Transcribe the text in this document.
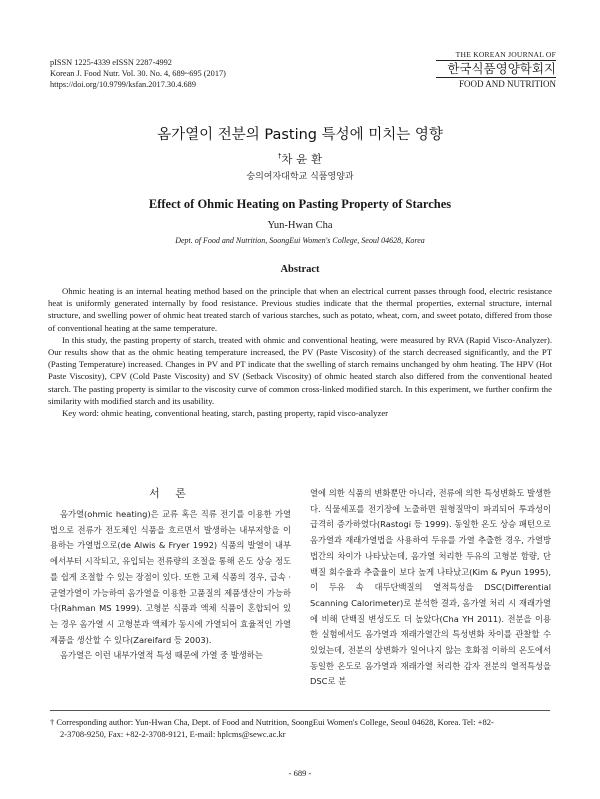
pISSN 1225-4339 eISSN 2287-4992
Korean J. Food Nutr. Vol. 30. No. 4, 689~695 (2017)
https://doi.org/10.9799/ksfan.2017.30.4.689
THE KOREAN JOURNAL OF
한국식품영양학회지
FOOD AND NUTRITION
옴가열이 전분의 Pasting 특성에 미치는 영향
†차 윤 환
숭의여자대학교 식품영양과
Effect of Ohmic Heating on Pasting Property of Starches
Yun-Hwan Cha
Dept. of Food and Nutrition, SoongEui Women's College, Seoul 04628, Korea
Abstract

Ohmic heating is an internal heating method based on the principle that when an electrical current passes through food, electric resistance heat is uniformly generated internally by food resistance. Previous studies indicate that the thermal properties, external structure, internal structure, and swelling power of ohmic heat treated starch of various starches, such as potato, wheat, corn, and sweet potato, differed from those of conventional heating at the same temperature.

In this study, the pasting property of starch, treated with ohmic and conventional heating, were measured by RVA (Rapid Visco-Analyzer). Our results show that as the ohmic heating temperature increased, the PV (Paste Viscosity) of the starch decreased significantly, and the PT (Pasting Temperature) increased. Changes in PV and PT indicate that the swelling of starch remains unchanged by ohm heating. The HPV (Hot Paste Viscosity), CPV (Cold Paste Viscosity) and SV (Setback Viscosity) of ohmic heated starch also differed from the conventional heated starch. The pasting property is similar to the viscosity curve of common cross-linked modified starch. In this experiment, we further confirm the similarity with modified starch and its usability.

Key word: ohmic heating, conventional heating, starch, pasting property, rapid visco-analyzer

서 론

옴가열(ohmic heating)은 교류 혹은 직류 전기를 이용한 가열법으로 전류가 전도체인 식품을 흐르면서 발생하는 내부저항을 이용하는 가열법으로(de Alwis & Fryer 1992) 식품의 발열이 내부에서부터 시작되고, 유입되는 전류량의 조절을 통해 온도 상승 정도를 쉽게 조절할 수 있는 장점이 있다. 또한 고체 식품의 경우, 급속 · 균열가열이 가능하여 옴가열을 이용한 고품질의 제품생산이 가능하다(Rahman MS 1999). 고형분 식품과 액체 식품이 혼합되어 있는 경우 옴가열 시 고형분과 액체가 동시에 가열되어 효율적인 가열 제품을 생산할 수 있다(Zareifard 등 2003).

옴가열은 이런 내부가열적 특성 때문에 가열 중 발생하는

열에 의한 식품의 변화뿐만 아니라, 전류에 의한 특성변화도 발생한다. 식물세포를 전기장에 노출하면 원형질막이 파괴되어 투과성이 급격히 증가하였다(Rastogi 등 1999). 동일한 온도 상승 패턴으로 옴가열과 재래가열법을 사용하여 두유를 가열 추출한 경우, 가열방법간의 차이가 나타났는데, 옴가열 처리한 두유의 고형분 함량, 단백질 회수율과 추출율이 보다 높게 나타났고(Kim & Pyun 1995), 이 두유 속 대두단백질의 열적특성을 DSC(Differential Scanning Calorimeter)로 분석한 결과, 옴가열 처리 시 재래가열에 비해 단백질 변성도도 더 높았다(Cha YH 2011). 전분을 이용한 실험에서도 옴가열과 재래가열간의 특성변화 차이를 관찰할 수 있었는데, 전분의 상변화가 일어나지 않는 호화점 이하의 온도에서 동일한 온도로 옴가열과 재래가열 처리한 감자 전분의 열적특성을 DSC로 분

† Corresponding author: Yun-Hwan Cha, Dept. of Food and Nutrition, SoongEui Women's College, Seoul 04628, Korea. Tel: +82-
2-3708-9250, Fax: +82-2-3708-9121, E-mail: hplcms@sewc.ac.kr
- 689 -
